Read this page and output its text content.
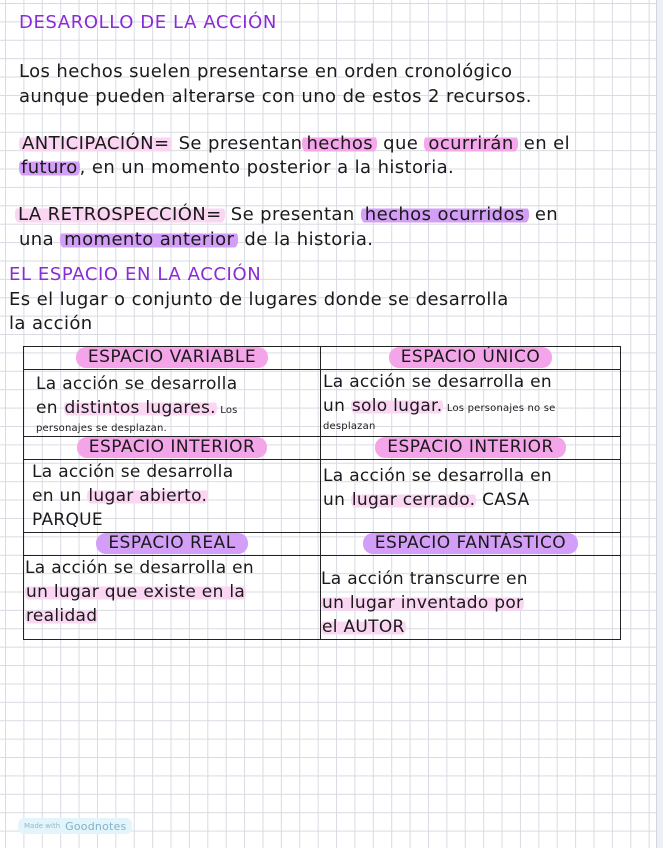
DESAROLLO DE LA ACCIÓN
Los hechos suelen presentarse en orden cronológico
aunque pueden alterarse con uno de estos 2 recursos.
ANTICIPACIÓN= Se presentan hechos que ocurrirán en el
futuro , en un momento posterior a la historia.
LA RETROSPECCIÓN= Se presentan hechos ocurridos en
una momento anterior de la historia.
EL ESPACIO EN LA ACCIÓN
Es el lugar o conjunto de lugares donde se desarrolla
la acción
ESPACIO VARIABLE	ESPACIO ÚNICO

La acción se desarrolla
en distintos lugares. Los
personajes se desplazan.	La acción se desarrolla en
un solo lugar. Los personajes no se
desplazan

ESPACIO INTERIOR	ESPACIO INTERIOR

La acción se desarrolla
en un lugar abierto.
PARQUE	La acción se desarrolla en
un lugar cerrado. CASA

ESPACIO REAL	ESPACIO FANTÁSTICO

La acción se desarrolla en
un lugar que existe en la
realidad	La acción transcurre en
un lugar inventado por
el AUTOR
Made with Goodnotes
